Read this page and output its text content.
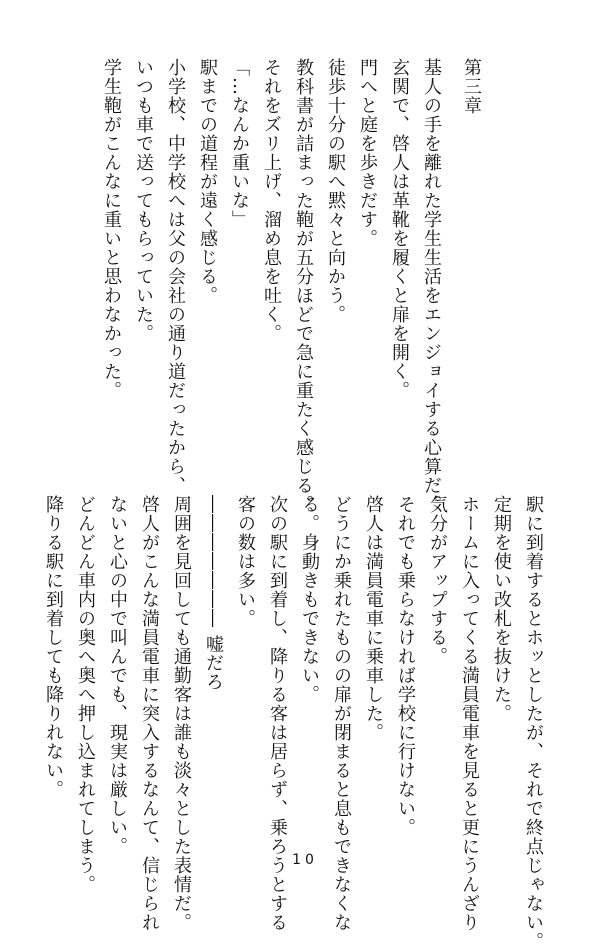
第三章
基人の手を離れた学生生活をエンジョイする心算だ。
玄関で、啓人は革靴を履くと扉を開く。
門へと庭を歩きだす。
徒歩十分の駅へ黙々と向かう。
教科書が詰まった鞄が五分ほどで急に重たく感じる。
それをズリ上げ、溜め息を吐く。
「…なんか重いな」
駅までの道程が遠く感じる。
小学校、中学校へは父の会社の通り道だったから、
いつも車で送ってもらっていた。
学生鞄がこんなに重いと思わなかった。
駅に到着するとホッとしたが、それで終点じゃない。
定期を使い改札を抜けた。
ホームに入ってくる満員電車を見ると更にうんざり
気分がアップする。
それでも乗らなければ学校に行けない。
啓人は満員電車に乗車した。
どうにか乗れたものの扉が閉まると息もできなくな
る。身動きもできない。
次の駅に到着し、降りる客は居らず、乗ろうとする
客の数は多い。
――――――― 嘘だろ
周囲を見回しても通勤客は誰も淡々とした表情だ。
啓人がこんな満員電車に突入するなんて、信じられ
ないと心の中で叫んでも、現実は厳しい。
どんどん車内の奥へ奥へ押し込まれてしまう。
降りる駅に到着しても降りれない。
10
